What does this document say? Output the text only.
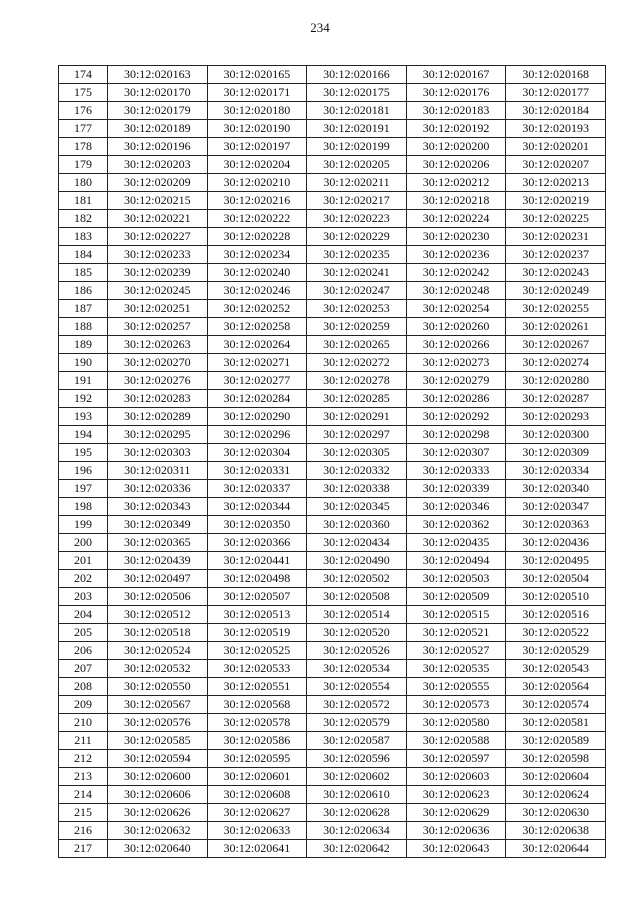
234
174	30:12:020163	30:12:020165	30:12:020166	30:12:020167	30:12:020168
175	30:12:020170	30:12:020171	30:12:020175	30:12:020176	30:12:020177
176	30:12:020179	30:12:020180	30:12:020181	30:12:020183	30:12:020184
177	30:12:020189	30:12:020190	30:12:020191	30:12:020192	30:12:020193
178	30:12:020196	30:12:020197	30:12:020199	30:12:020200	30:12:020201
179	30:12:020203	30:12:020204	30:12:020205	30:12:020206	30:12:020207
180	30:12:020209	30:12:020210	30:12:020211	30:12:020212	30:12:020213
181	30:12:020215	30:12:020216	30:12:020217	30:12:020218	30:12:020219
182	30:12:020221	30:12:020222	30:12:020223	30:12:020224	30:12:020225
183	30:12:020227	30:12:020228	30:12:020229	30:12:020230	30:12:020231
184	30:12:020233	30:12:020234	30:12:020235	30:12:020236	30:12:020237
185	30:12:020239	30:12:020240	30:12:020241	30:12:020242	30:12:020243
186	30:12:020245	30:12:020246	30:12:020247	30:12:020248	30:12:020249
187	30:12:020251	30:12:020252	30:12:020253	30:12:020254	30:12:020255
188	30:12:020257	30:12:020258	30:12:020259	30:12:020260	30:12:020261
189	30:12:020263	30:12:020264	30:12:020265	30:12:020266	30:12:020267
190	30:12:020270	30:12:020271	30:12:020272	30:12:020273	30:12:020274
191	30:12:020276	30:12:020277	30:12:020278	30:12:020279	30:12:020280
192	30:12:020283	30:12:020284	30:12:020285	30:12:020286	30:12:020287
193	30:12:020289	30:12:020290	30:12:020291	30:12:020292	30:12:020293
194	30:12:020295	30:12:020296	30:12:020297	30:12:020298	30:12:020300
195	30:12:020303	30:12:020304	30:12:020305	30:12:020307	30:12:020309
196	30:12:020311	30:12:020331	30:12:020332	30:12:020333	30:12:020334
197	30:12:020336	30:12:020337	30:12:020338	30:12:020339	30:12:020340
198	30:12:020343	30:12:020344	30:12:020345	30:12:020346	30:12:020347
199	30:12:020349	30:12:020350	30:12:020360	30:12:020362	30:12:020363
200	30:12:020365	30:12:020366	30:12:020434	30:12:020435	30:12:020436
201	30:12:020439	30:12:020441	30:12:020490	30:12:020494	30:12:020495
202	30:12:020497	30:12:020498	30:12:020502	30:12:020503	30:12:020504
203	30:12:020506	30:12:020507	30:12:020508	30:12:020509	30:12:020510
204	30:12:020512	30:12:020513	30:12:020514	30:12:020515	30:12:020516
205	30:12:020518	30:12:020519	30:12:020520	30:12:020521	30:12:020522
206	30:12:020524	30:12:020525	30:12:020526	30:12:020527	30:12:020529
207	30:12:020532	30:12:020533	30:12:020534	30:12:020535	30:12:020543
208	30:12:020550	30:12:020551	30:12:020554	30:12:020555	30:12:020564
209	30:12:020567	30:12:020568	30:12:020572	30:12:020573	30:12:020574
210	30:12:020576	30:12:020578	30:12:020579	30:12:020580	30:12:020581
211	30:12:020585	30:12:020586	30:12:020587	30:12:020588	30:12:020589
212	30:12:020594	30:12:020595	30:12:020596	30:12:020597	30:12:020598
213	30:12:020600	30:12:020601	30:12:020602	30:12:020603	30:12:020604
214	30:12:020606	30:12:020608	30:12:020610	30:12:020623	30:12:020624
215	30:12:020626	30:12:020627	30:12:020628	30:12:020629	30:12:020630
216	30:12:020632	30:12:020633	30:12:020634	30:12:020636	30:12:020638
217	30:12:020640	30:12:020641	30:12:020642	30:12:020643	30:12:020644
